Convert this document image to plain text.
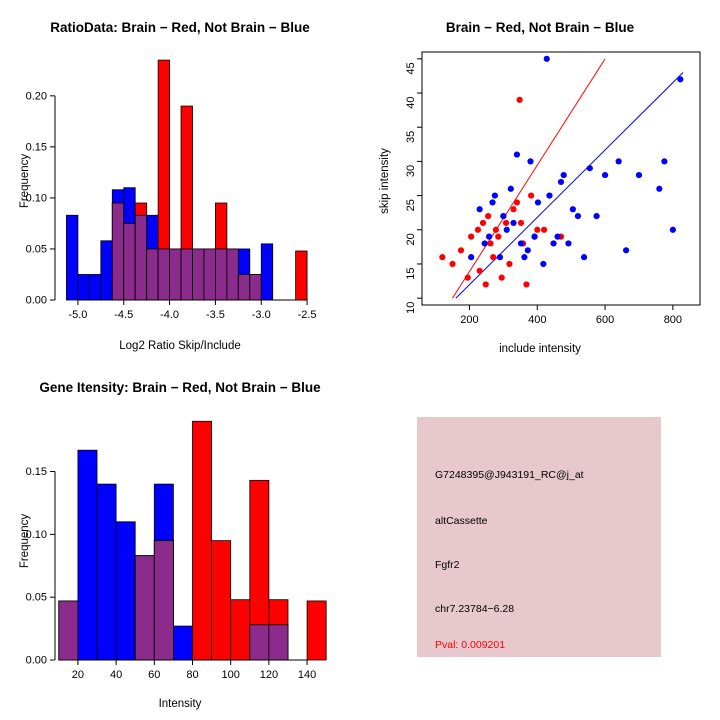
RatioData: Brain − Red, Not Brain − Blue
0.00
0.05
0.10
0.15
0.20
-5.0 -4.5 -4.0 -3.5 -3.0 -2.5
Log2 Ratio Skip/Include
Frequency
Brain − Red, Not Brain − Blue
200	400	600	800
10
15
20
25
30
35
40
45
include intensity
skip intensity
Gene Itensity: Brain − Red, Not Brain − Blue
0.00
0.05
0.10
0.15
20 40 60 80 100 120 140
Intensity
Frequency
G7248395@J943191_RC@j_at
altCassette
Fgfr2
chr7.23784−6.28
Pval: 0.009201
